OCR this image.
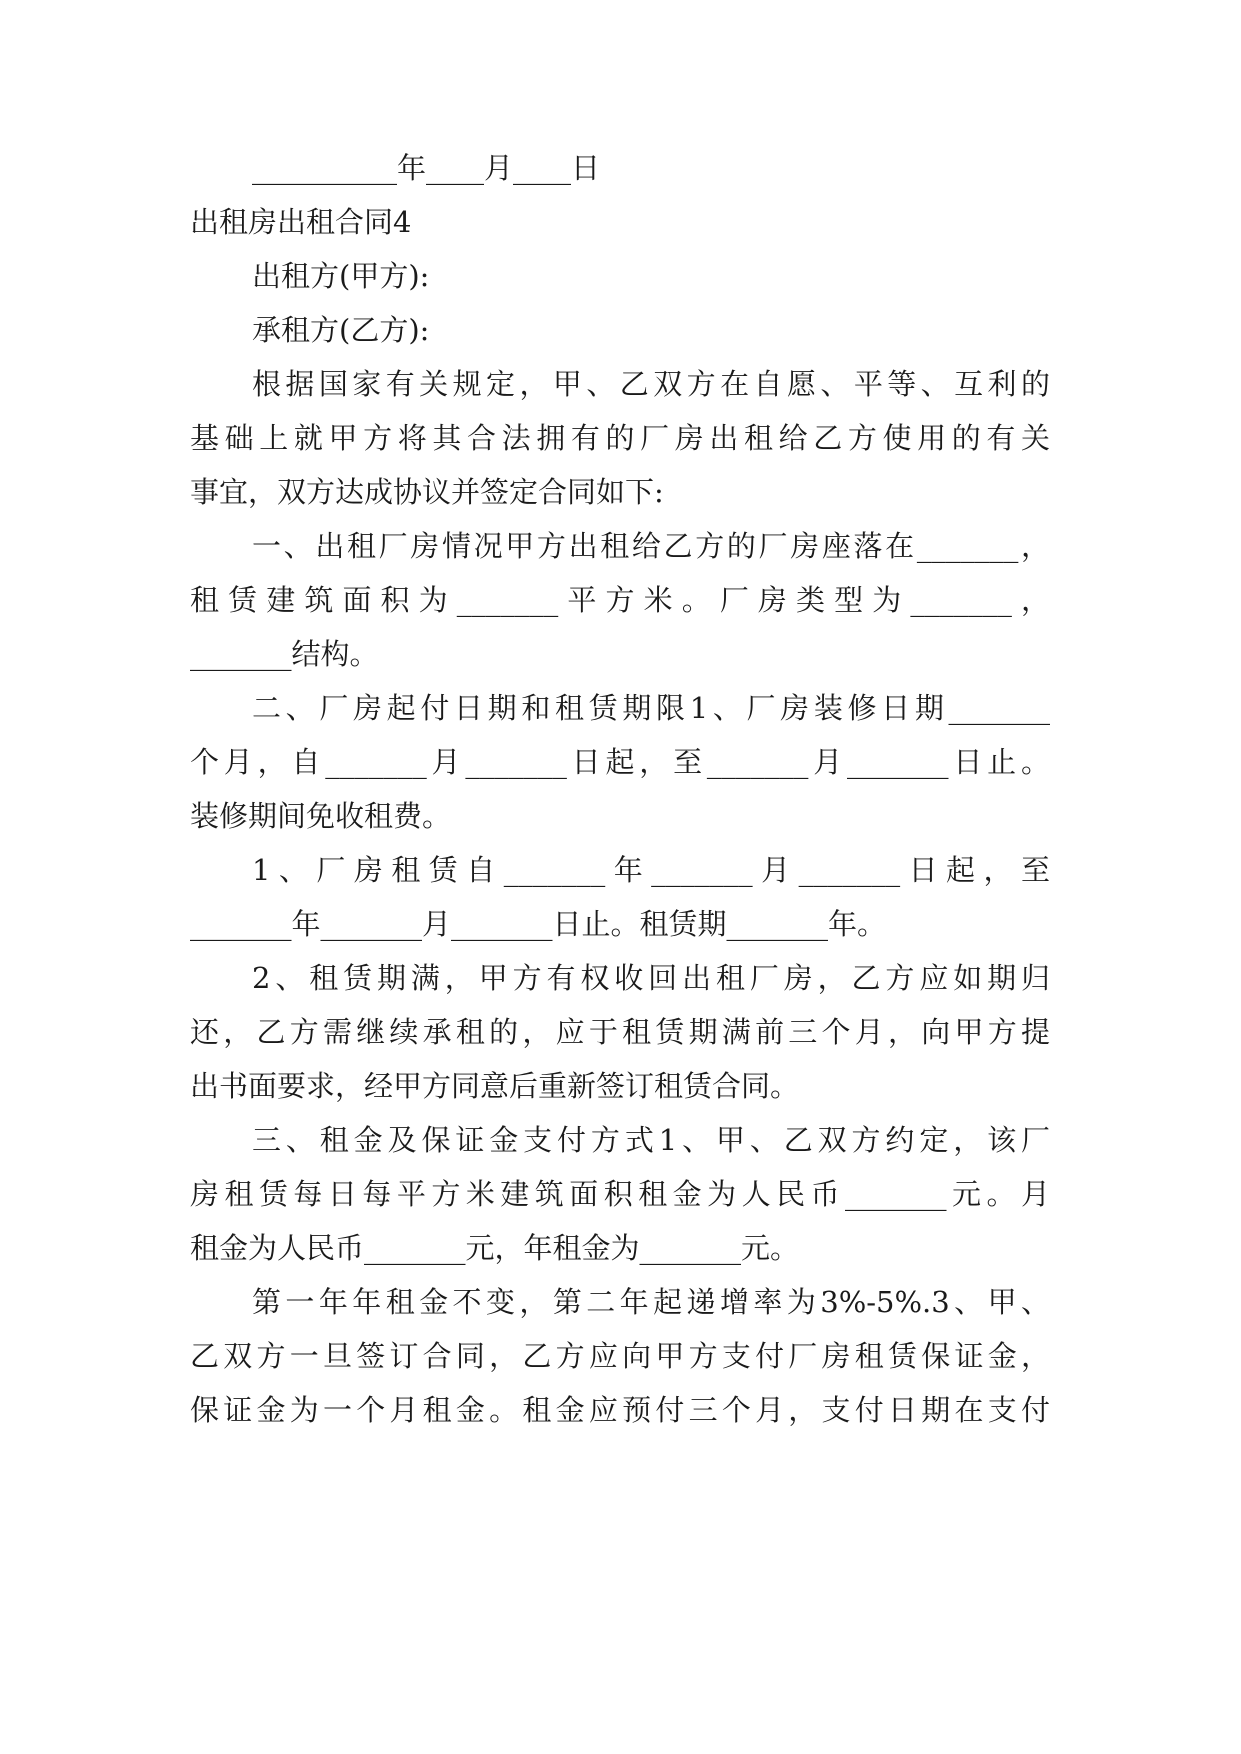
__________年____月____日
出租房出租合同4
出租方(甲方):
承租方(乙方):
根据国家有关规定，甲、乙双方在自愿、平等、互利的
基础上就甲方将其合法拥有的厂房出租给乙方使用的有关
事宜，双方达成协议并签定合同如下:
一、出租厂房情况甲方出租给乙方的厂房座落在_______，
租赁建筑面积为_______平方米。厂房类型为_______，
_______结构。
二、厂房起付日期和租赁期限1、厂房装修日期_______
个月，自_______月_______日起，至_______月_______日止。
装修期间免收租费。
1、厂房租赁自_______年_______月_______日起，至
_______年_______月_______日止。租赁期_______年。
2、租赁期满，甲方有权收回出租厂房，乙方应如期归
还，乙方需继续承租的，应于租赁期满前三个月，向甲方提
出书面要求，经甲方同意后重新签订租赁合同。
三、租金及保证金支付方式1、甲、乙双方约定，该厂
房租赁每日每平方米建筑面积租金为人民币_______元。月
租金为人民币_______元，年租金为_______元。
第一年年租金不变，第二年起递增率为3%-5%.3、甲、
乙双方一旦签订合同，乙方应向甲方支付厂房租赁保证金，
保证金为一个月租金。租金应预付三个月，支付日期在支付
